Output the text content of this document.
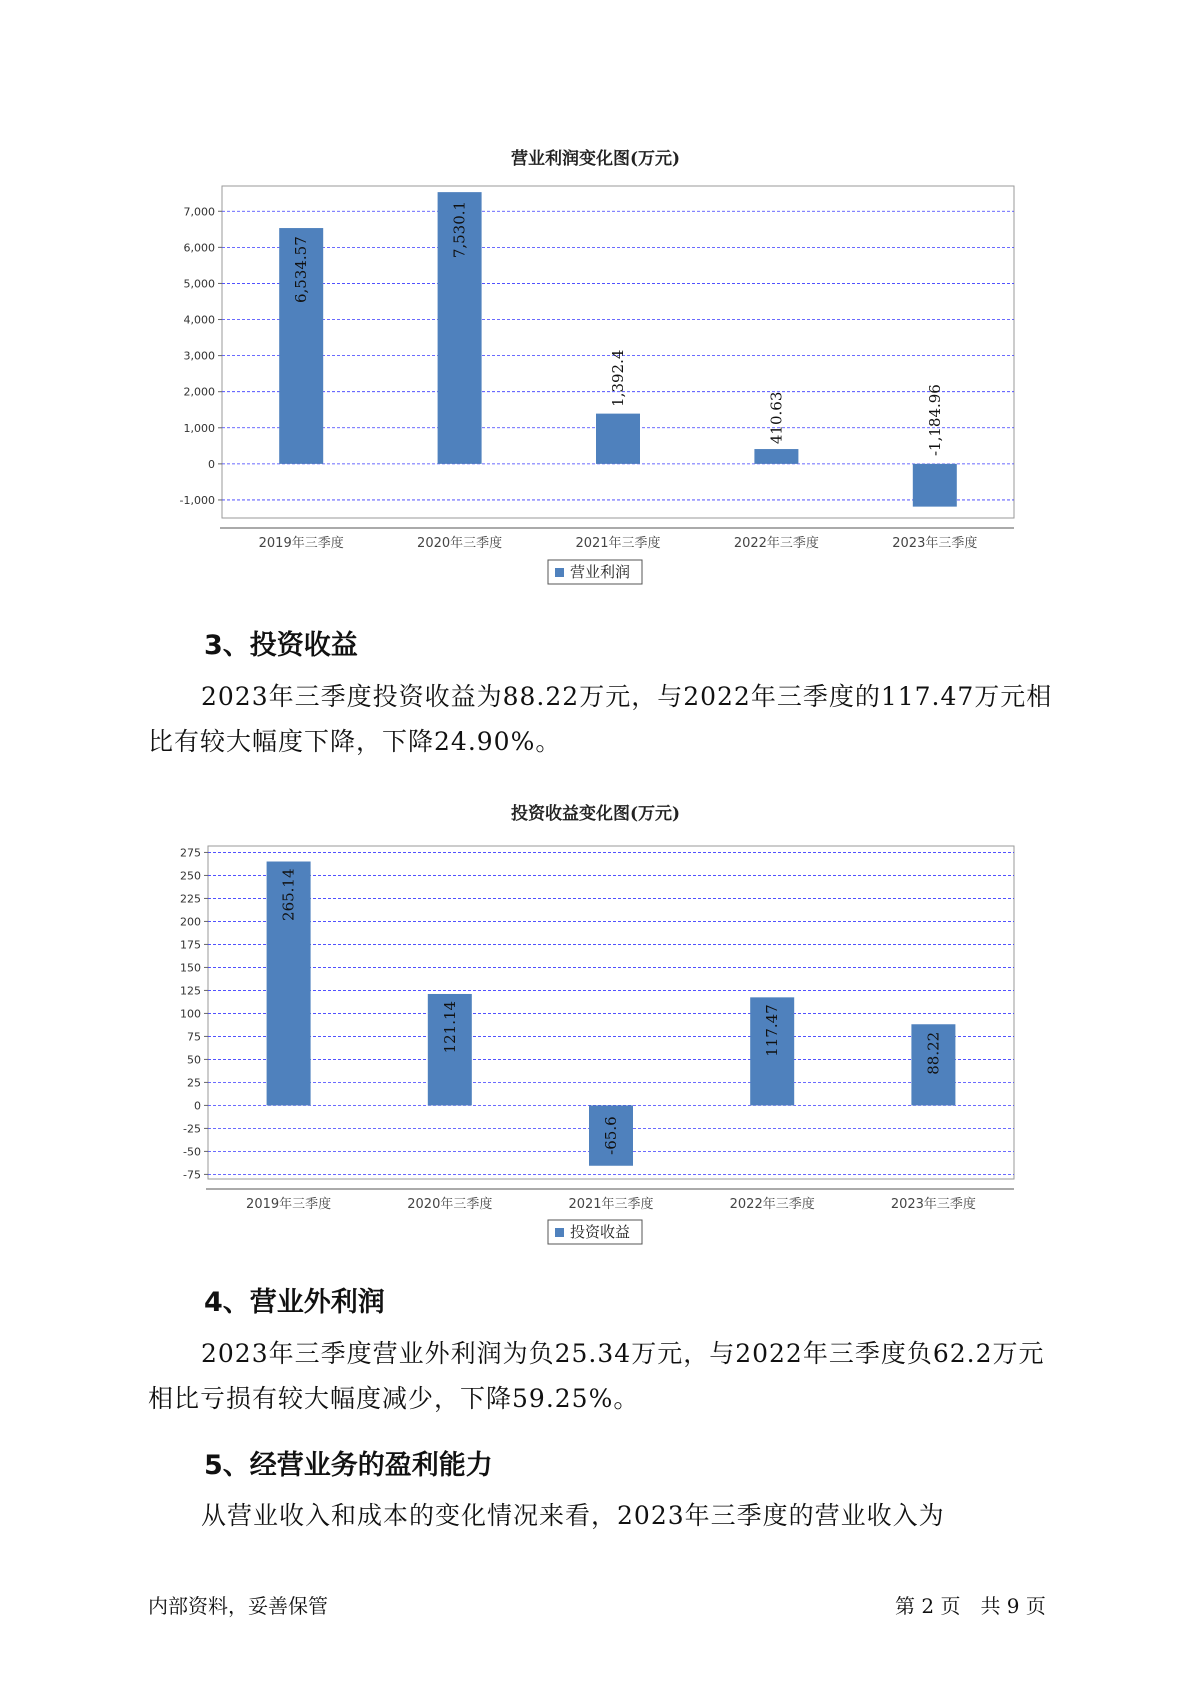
营业利润变化图(万元)
-1,000
0
1,000
2,000
3,000
4,000
5,000
6,000
7,000
6,534.57
2019年三季度
7,530.1
2020年三季度
1,392.4
2021年三季度
410.63
2022年三季度
-1,184.96
2023年三季度
营业利润
3、投资收益

2023年三季度投资收益为88.22万元，与2022年三季度的117.47万元相
比有较大幅度下降，下降24.90%。

投资收益变化图(万元)
-75
-50
-25
0
25
50
75
100
125
150
175
200
225
250
275
265.14
2019年三季度
121.14
2020年三季度
-65.6
2021年三季度
117.47
2022年三季度
88.22
2023年三季度
投资收益
4、营业外利润

2023年三季度营业外利润为负25.34万元，与2022年三季度负62.2万元
相比亏损有较大幅度减少，下降59.25%。

5、经营业务的盈利能力

从营业收入和成本的变化情况来看，2023年三季度的营业收入为

内部资料，妥善保管	第 2 页　共 9 页
